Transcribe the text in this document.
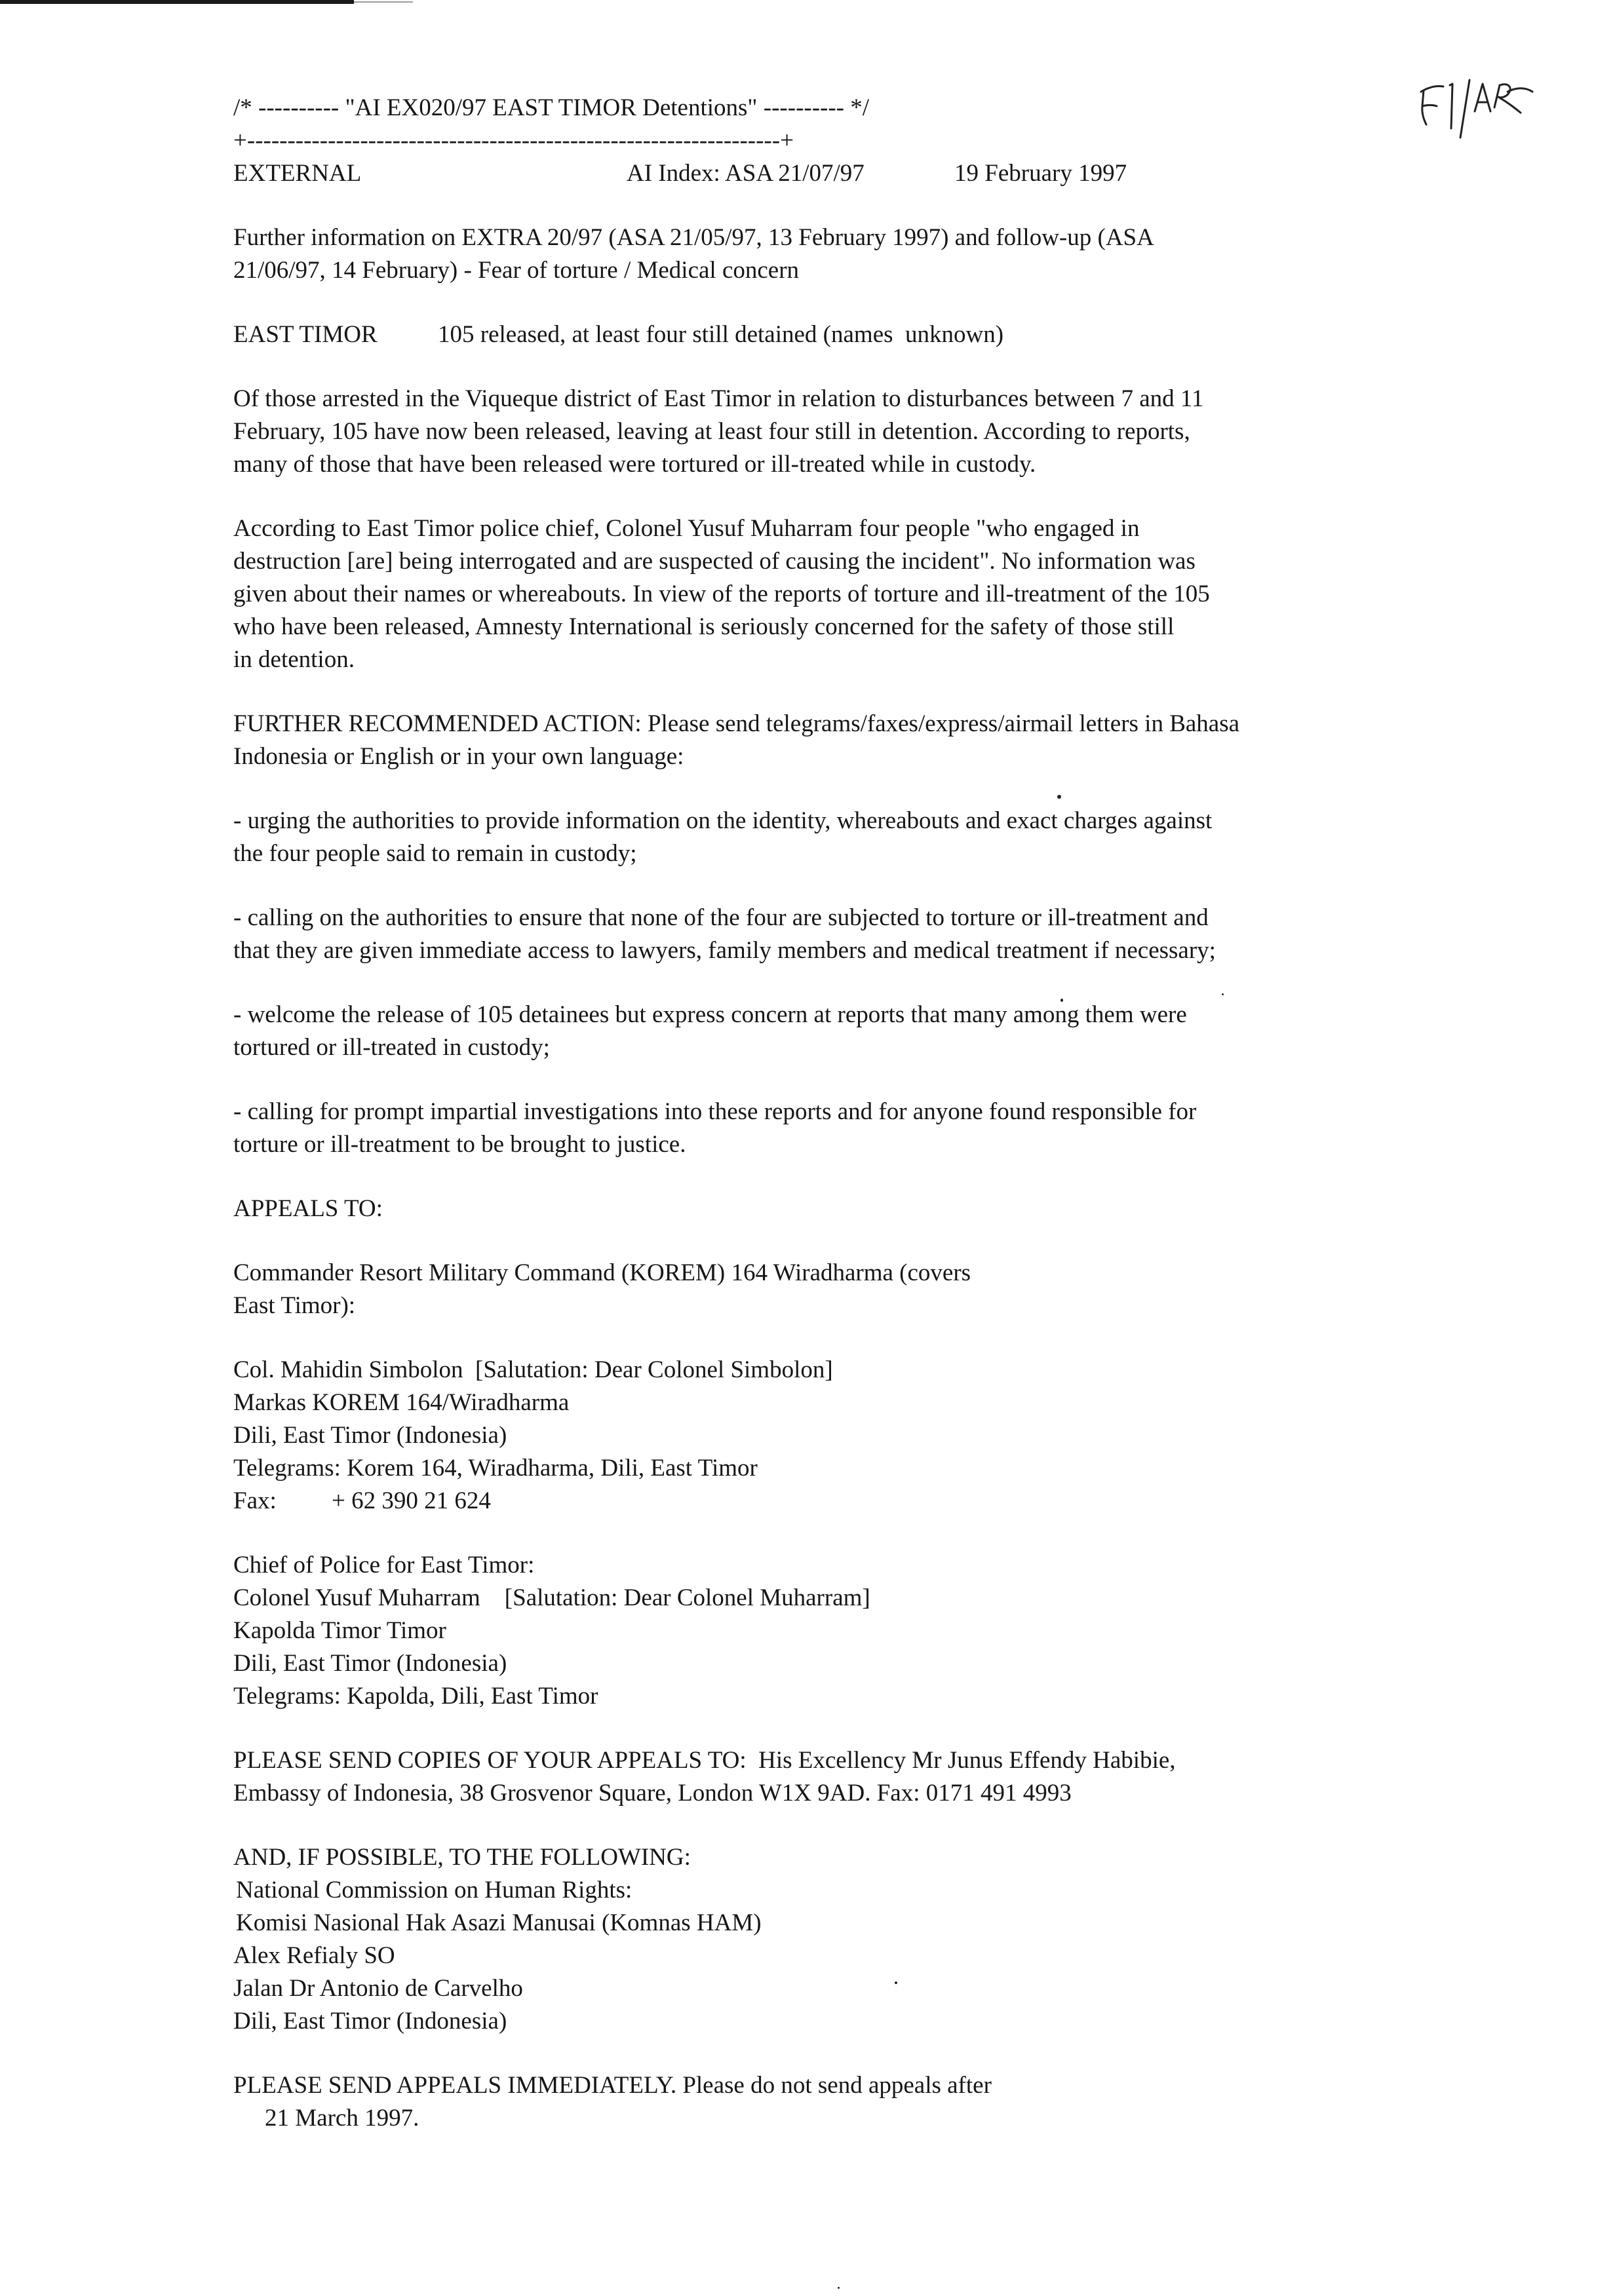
/* ---------- "AI EX020/97 EAST TIMOR Detentions" ---------- */
+------------------------------------------------------------------+
EXTERNAL	AI Index: ASA 21/07/97	19 February 1997
Further information on EXTRA 20/97 (ASA 21/05/97, 13 February 1997) and follow-up (ASA
21/06/97, 14 February) - Fear of torture / Medical concern
EAST TIMOR 105 released, at least four still detained (names  unknown)
Of those arrested in the Viqueque district of East Timor in relation to disturbances between 7 and 11
February, 105 have now been released, leaving at least four still in detention. According to reports,
many of those that have been released were tortured or ill-treated while in custody.
According to East Timor police chief, Colonel Yusuf Muharram four people "who engaged in
destruction [are] being interrogated and are suspected of causing the incident". No information was
given about their names or whereabouts. In view of the reports of torture and ill-treatment of the 105
who have been released, Amnesty International is seriously concerned for the safety of those still
in detention.
FURTHER RECOMMENDED ACTION: Please send telegrams/faxes/express/airmail letters in Bahasa
Indonesia or English or in your own language:
- urging the authorities to provide information on the identity, whereabouts and exact charges against
the four people said to remain in custody;
- calling on the authorities to ensure that none of the four are subjected to torture or ill-treatment and
that they are given immediate access to lawyers, family members and medical treatment if necessary;
- welcome the release of 105 detainees but express concern at reports that many among them were
tortured or ill-treated in custody;
- calling for prompt impartial investigations into these reports and for anyone found responsible for
torture or ill-treatment to be brought to justice.
APPEALS TO:
Commander Resort Military Command (KOREM) 164 Wiradharma (covers
East Timor):
Col. Mahidin Simbolon  [Salutation: Dear Colonel Simbolon]
Markas KOREM 164/Wiradharma
Dili, East Timor (Indonesia)
Telegrams: Korem 164, Wiradharma, Dili, East Timor
Fax: + 62 390 21 624
Chief of Police for East Timor:
Colonel Yusuf Muharram    [Salutation: Dear Colonel Muharram]
Kapolda Timor Timor
Dili, East Timor (Indonesia)
Telegrams: Kapolda, Dili, East Timor
PLEASE SEND COPIES OF YOUR APPEALS TO:  His Excellency Mr Junus Effendy Habibie,
Embassy of Indonesia, 38 Grosvenor Square, London W1X 9AD. Fax: 0171 491 4993
AND, IF POSSIBLE, TO THE FOLLOWING:
National Commission on Human Rights:
Komisi Nasional Hak Asazi Manusai (Komnas HAM)
Alex Refialy SO
Jalan Dr Antonio de Carvelho
Dili, East Timor (Indonesia)
PLEASE SEND APPEALS IMMEDIATELY. Please do not send appeals after
21 March 1997.
